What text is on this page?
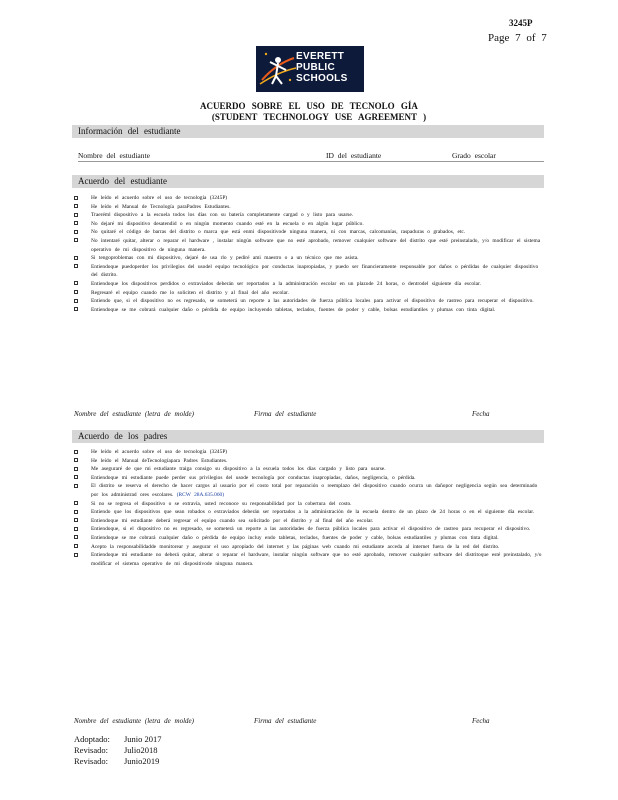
3245P
Page 7 of 7
EVERETT
PUBLIC
SCHOOLS
ACUERDO SOBRE EL USO DE TECNOLO GÍA
(STUDENT TECHNOLOGY USE AGREEMENT )
Información del estudiante
Nombre del estudiante	ID del estudiante	Grado escolar
Acuerdo del estudiante
He leído el acuerdo sobre el uso de tecnología (3245P)
He leído el Manual de Tecnología paraPadres Estudiantes.
Traeréml dispositivo a la escuela todos los días con su batería completamente cargad o y listo para usarse.
No dejaré mi dispositivo desatendid o en ningún momento cuando esté en la escuela o en algún lugar público.
No quitaré el código de barras del distrito o marca que está enmi dispositivode ninguna manera, ni con marcas, calcomanías, raspaduras o grabados, etc.
No intentaré quitar, alterar o reparar el hardware , instalar ningún software que no esté aprobado, remover cualquier software del distrito que esté preinstalado, y/o modificar el sistema operativo de mi dispositivo de ninguna manera.
Si tengoproblemas con mi dispositivo, dejaré de usa rlo y pediré ami maestro o a un técnico que me asista.
Entiendoque puedoperder los privilegios del usodel equipo tecnológico por conductas inapropiadas, y puedo ser financieramente responsable por daños o pérdidas de cualquier dispositivo del distrito.
Entiendoque los dispositivos perdidos o extraviados deberán ser reportados a la administración escolar en un plazode 24 horas, o dentrodel siguiente día escolar.
Regresaré el equipo cuando me lo soliciten el distrito y al final del año escolar.
Entiendo que, si el dispositivo no es regresado, se someterá un reporte a las autoridades de fuerza pública locales para activar el dispositivo de rastreo para recuperar el dispositivo.
Entiendoque se me cobrará cualquier daño o pérdida de equipo incluyendo tabletas, teclados, fuentes de poder y cable, bolsas estudiantiles y plumas con tinta digital.
Nombre del estudiante (letra de molde)	Firma del estudiante	Fecha
Acuerdo de los padres
He leído el acuerdo sobre el uso de tecnología (3245P)
He leído el Manual deTecnologíapara Padres Estudiantes.
Me aseguraré de que mi estudiante traiga consigo su dispositivo a la escuela todos los días cargado y listo para usarse.
Entiendoque mi estudiante puede perder sus privilegios del usode tecnología por conductas inapropiadas, daños, negligencia, o pérdida.
El distrito se reserva el derecho de hacer cargos al usuario por el costo total por reparación o reemplazo del dispositivo cuando ocurra un dañopor negligencia según sea determinado por los administrad ores escolares. (RCW 28A.635.060)
Si no se regresa el dispositivo o se extravía, usted reconoce su responsabilidad por la cobertura del costo.
Entiendo que los dispositivos que sean robados o extraviados deberán ser reportados a la administración de la escuela dentro de un plazo de 24 horas o en el siguiente día escolar.
Entiendoque mi estudiante deberá regresar el equipo cuando sea solicitado por el distrito y al final del año escolar.
Entiendoque, si el dispositivo no es regresado, se someterá un reporte a las autoridades de fuerza pública locales para activar el dispositivo de rastreo para recuperar el dispositivo.
Entiendoque se me cobrará cualquier daño o pérdida de equipo incluy endo tabletas, teclados, fuentes de poder y cable, bolsas estudiantiles y plumas con tinta digital.
Acepto la responsabilidadde monitorear y asegurar el uso apropiado del internet y las páginas web cuando mi estudiante acceda al internet fuera de la red del distrito.
Entiendoque mi estudiante no deberá quitar, alterar o reparar el hardware, instalar ningún software que no esté aprobado, remover cualquier software del distritoque esté preinstalado, y/o modificar el sistema operativo de mi dispositivode ninguna manera.
Nombre del estudiante (letra de molde)	Firma del estudiante	Fecha
Adoptado: Junio 2017
Revisado: Julio2018
Revisado: Junio2019
